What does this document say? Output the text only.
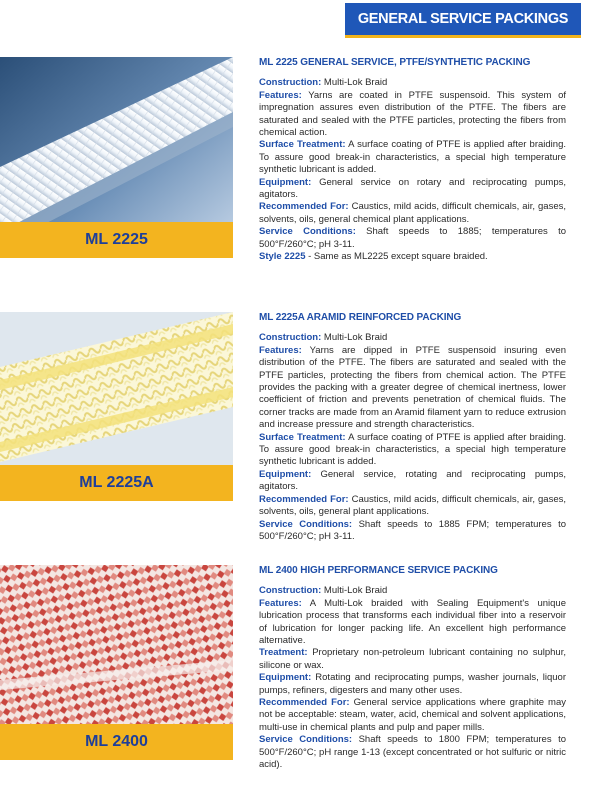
GENERAL SERVICE PACKINGS
ML 2225
ML 2225A
ML 2400
ML 2225 GENERAL SERVICE, PTFE/SYNTHETIC PACKING

Construction: Multi-Lok Braid

Features: Yarns are coated in PTFE suspensoid. This system of impregnation assures even distribution of the PTFE. The fibers are saturated and sealed with the PTFE particles, protecting the fibers from chemical action.

Surface Treatment: A surface coating of PTFE is applied after braiding. To assure good break-in characteristics, a special high temperature synthetic lubricant is added.

Equipment: General service on rotary and reciprocating pumps, agitators.

Recommended For: Caustics, mild acids, difficult chemicals, air, gases, solvents, oils, general chemical plant applications.

Service Conditions: Shaft speeds to 1885; temperatures to 500°F/260°C; pH 3-11.

Style 2225 - Same as ML2225 except square braided.

ML 2225A ARAMID REINFORCED PACKING

Construction: Multi-Lok Braid

Features: Yarns are dipped in PTFE suspensoid insuring even distribution of the PTFE. The fibers are saturated and sealed with the PTFE particles, protecting the fibers from chemical action. The PTFE provides the packing with a greater degree of chemical inertness, lower coefficient of friction and prevents penetration of chemical fluids. The corner tracks are made from an Aramid filament yarn to reduce extrusion and increase pressure and strength characteristics.

Surface Treatment: A surface coating of PTFE is applied after braiding. To assure good break-in characteristics, a special high temperature synthetic lubricant is added.

Equipment: General service, rotating and reciprocating pumps, agitators.

Recommended For: Caustics, mild acids, difficult chemicals, air, gases, solvents, oils, general plant applications.

Service Conditions: Shaft speeds to 1885 FPM; temperatures to 500°F/260°C; pH 3-11.

ML 2400 HIGH PERFORMANCE SERVICE PACKING

Construction: Multi-Lok Braid

Features: A Multi-Lok braided with Sealing Equipment's unique lubrication process that transforms each individual fiber into a reservoir of lubrication for longer packing life. An excellent high performance alternative.

Treatment: Proprietary non-petroleum lubricant containing no sulphur, silicone or wax.

Equipment: Rotating and reciprocating pumps, washer journals, liquor pumps, refiners, digesters and many other uses.

Recommended For: General service applications where graphite may not be acceptable: steam, water, acid, chemical and solvent applications, multi-use in chemical plants and pulp and paper mills.

Service Conditions: Shaft speeds to 1800 FPM; temperatures to 500°F/260°C; pH range 1-13 (except concentrated or hot sulfuric or nitric acid).
